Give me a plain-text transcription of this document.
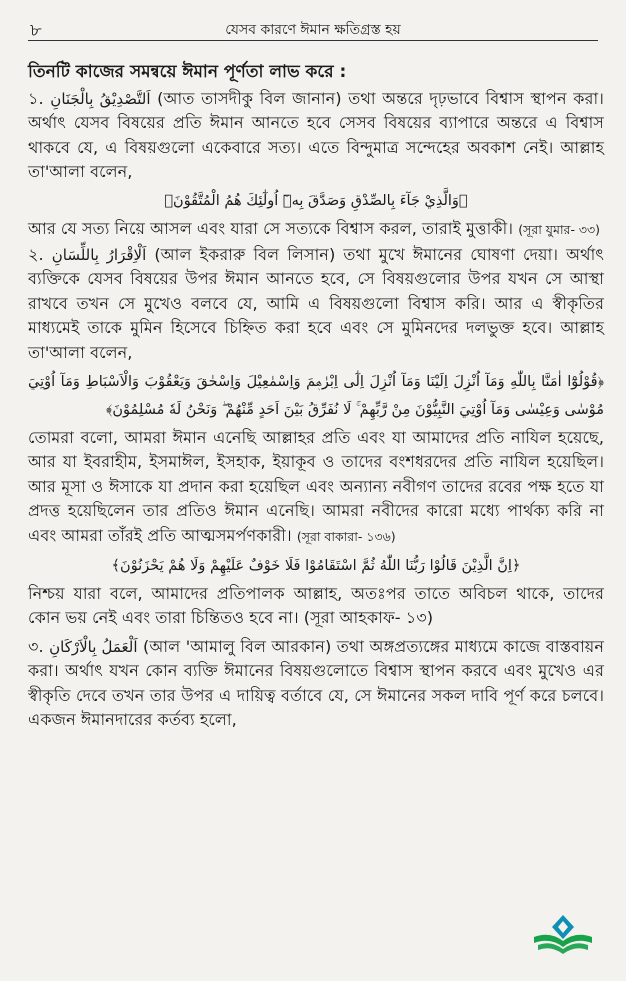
৮	যেসব কারণে ঈমান ক্ষতিগ্রস্ত হয়

তিনটি কাজের সমন্বয়ে ঈমান পূর্ণতা লাভ করে :

১. اَلتَّصْدِيْقُ بِالْجَنَانِ (আত তাসদীকু বিল জানান) তথা অন্তরে দৃঢ়ভাবে বিশ্বাস স্থাপন করা। অর্থাৎ যেসব বিষয়ের প্রতি ঈমান আনতে হবে সেসব বিষয়ের ব্যাপারে অন্তরে এ বিশ্বাস থাকবে যে, এ বিষয়গুলো একেবারে সত্য। এতে বিন্দুমাত্র সন্দেহের অবকাশ নেই। আল্লাহ তা'আলা বলেন,

﴿وَالَّذِيْ جَآءَ بِالصِّدْقِ وَصَدَّقَ بِهٖٓ اُولٰٓئِكَ هُمُ الْمُتَّقُوْنَ﴾

আর যে সত্য নিয়ে আসল এবং যারা সে সত্যকে বিশ্বাস করল, তারাই মুত্তাকী। (সূরা যুমার- ৩৩)

২. اَلْاِقْرَارُ بِاللِّسَانِ (আল ইকরারু বিল লিসান) তথা মুখে ঈমানের ঘোষণা দেয়া। অর্থাৎ ব্যক্তিকে যেসব বিষয়ের উপর ঈমান আনতে হবে, সে বিষয়গুলোর উপর যখন সে আস্থা রাখবে তখন সে মুখেও বলবে যে, আমি এ বিষয়গুলো বিশ্বাস করি। আর এ স্বীকৃতির মাধ্যমেই তাকে মুমিন হিসেবে চিহ্নিত করা হবে এবং সে মুমিনদের দলভুক্ত হবে। আল্লাহ তা'আলা বলেন,

﴿قُوْلُوْٓا اٰمَنَّا بِاللّٰهِ وَمَآ اُنْزِلَ اِلَيْنَا وَمَآ اُنْزِلَ اِلٰٓى اِبْرٰهٖمَ وَاِسْمٰعِيْلَ وَاِسْحٰقَ وَيَعْقُوْبَ وَالْاَسْبَاطِ وَمَآ اُوْتِيَ مُوْسٰى وَعِيْسٰى وَمَآ اُوْتِيَ النَّبِيُّوْنَ مِنْ رَّبِّهِمْ ۚ لَا نُفَرِّقُ بَيْنَ اَحَدٍ مِّنْهُمْ ۖ وَنَحْنُ لَهٗ مُسْلِمُوْنَ﴾

তোমরা বলো, আমরা ঈমান এনেছি আল্লাহর প্রতি এবং যা আমাদের প্রতি নাযিল হয়েছে, আর যা ইবরাহীম, ইসমাঈল, ইসহাক, ইয়াকূব ও তাদের বংশধরদের প্রতি নাযিল হয়েছিল। আর মূসা ও ঈসাকে যা প্রদান করা হয়েছিল এবং অন্যান্য নবীগণ তাদের রবের পক্ষ হতে যা প্রদত্ত হয়েছিলেন তার প্রতিও ঈমান এনেছি। আমরা নবীদের কারো মধ্যে পার্থক্য করি না এবং আমরা তাঁরই প্রতি আত্মসমর্পণকারী। (সূরা বাকারা- ১৩৬)

﴿اِنَّ الَّذِيْنَ قَالُوْا رَبُّنَا اللّٰهُ ثُمَّ اسْتَقَامُوْا فَلَا خَوْفٌ عَلَيْهِمْ وَلَا هُمْ يَحْزَنُوْنَ﴾

নিশ্চয় যারা বলে, আমাদের প্রতিপালক আল্লাহ, অতঃপর তাতে অবিচল থাকে, তাদের কোন ভয় নেই এবং তারা চিন্তিতও হবে না। (সূরা আহকাফ- ১৩)

৩. اَلْعَمَلُ بِالْاَرْكَانِ (আল 'আমালু বিল আরকান) তথা অঙ্গপ্রত্যঙ্গের মাধ্যমে কাজে বাস্তবায়ন করা। অর্থাৎ যখন কোন ব্যক্তি ঈমানের বিষয়গুলোতে বিশ্বাস স্থাপন করবে এবং মুখেও এর স্বীকৃতি দেবে তখন তার উপর এ দায়িত্ব বর্তাবে যে, সে ঈমানের সকল দাবি পূর্ণ করে চলবে। একজন ঈমানদারের কর্তব্য হলো,
